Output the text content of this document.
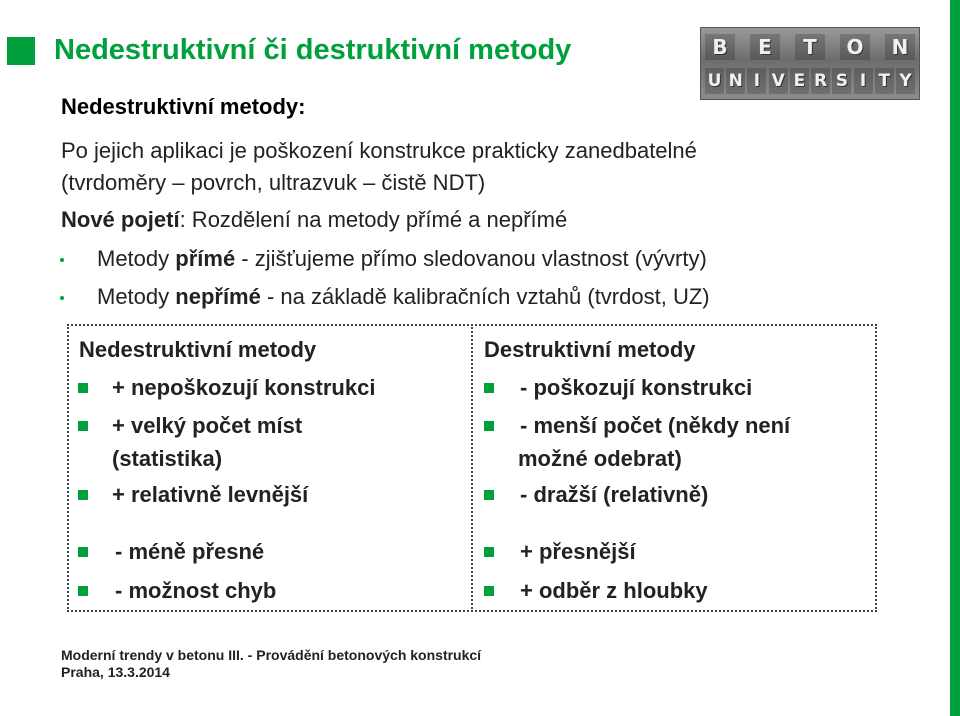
Nedestruktivní či destruktivní metody	B	E	T	O	N
U N I V E R S I T Y
Nedestruktivní metody:
Po jejich aplikaci je poškození konstrukce prakticky zanedbatelné
(tvrdoměry – povrch, ultrazvuk – čistě NDT)
Nové pojetí: Rozdělení na metody přímé a nepřímé
Metody přímé - zjišťujeme přímo sledovanou vlastnost (vývrty)
Metody nepřímé - na základě kalibračních vztahů (tvrdost, UZ)
Nedestruktivní metody
+ nepoškozují konstrukci
+ velký počet míst
(statistika)
+ relativně levnější
- méně přesné
- možnost chyb
Destruktivní metody
- poškozují konstrukci
- menší počet (někdy není
možné odebrat)
- dražší (relativně)
+ přesnější
+ odběr z hloubky
Moderní trendy v betonu III. - Provádění betonových konstrukcí
Praha, 13.3.2014
